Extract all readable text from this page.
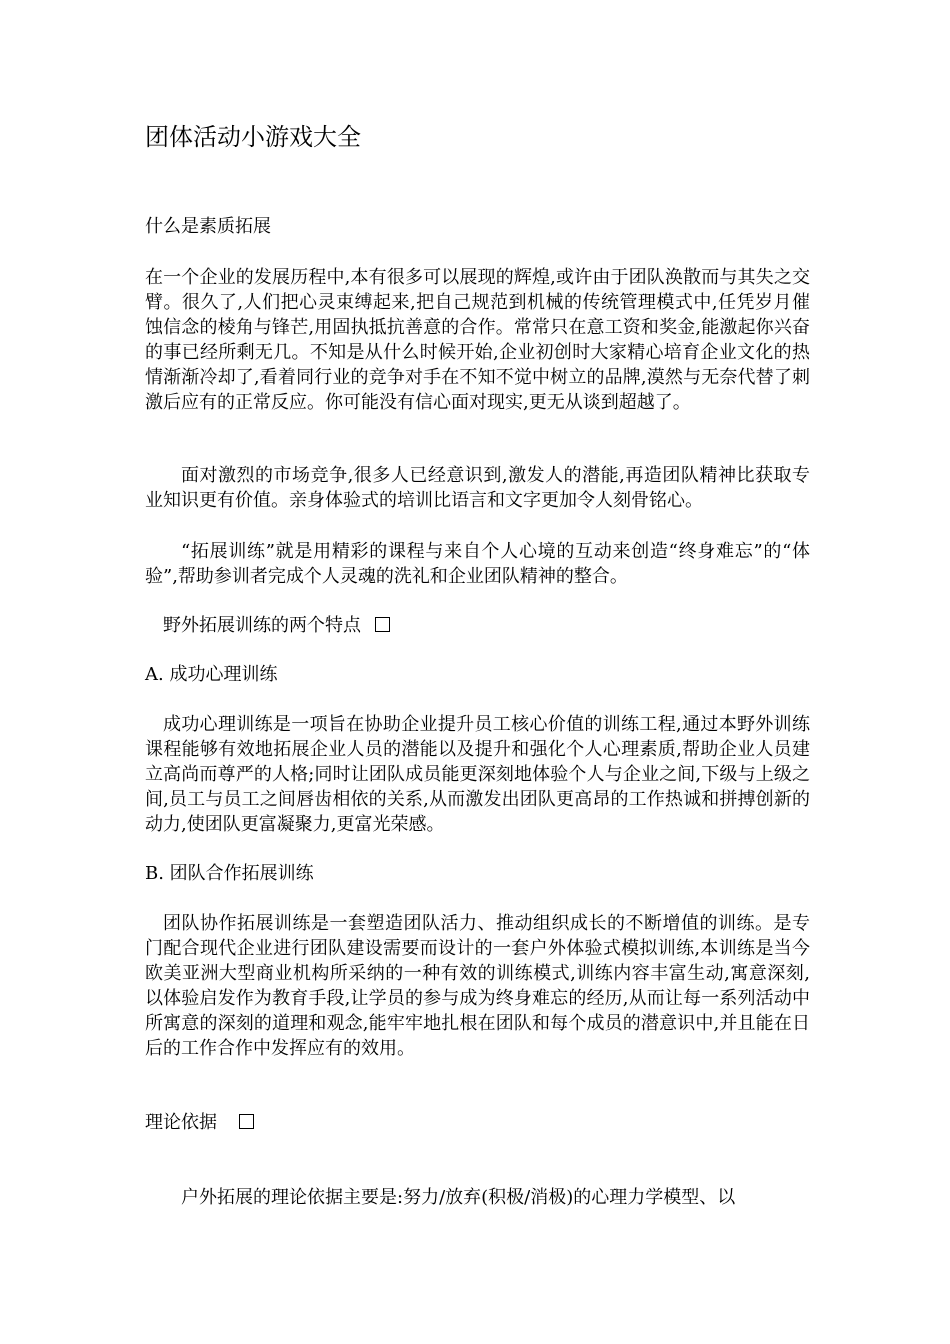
团体活动小游戏大全

什么是素质拓展

在一个企业的发展历程中,本有很多可以展现的辉煌,或许由于团队涣散而与其失之交臂。很久了,人们把心灵束缚起来,把自己规范到机械的传统管理模式中,任凭岁月催蚀信念的棱角与锋芒,用固执抵抗善意的合作。常常只在意工资和奖金,能激起你兴奋的事已经所剩无几。不知是从什么时候开始,企业初创时大家精心培育企业文化的热情渐渐冷却了,看着同行业的竞争对手在不知不觉中树立的品牌,漠然与无奈代替了刺激后应有的正常反应。你可能没有信心面对现实,更无从谈到超越了。

面对激烈的市场竞争,很多人已经意识到,激发人的潜能,再造团队精神比获取专业知识更有价值。亲身体验式的培训比语言和文字更加令人刻骨铭心。

“拓展训练”就是用精彩的课程与来自个人心境的互动来创造“终身难忘”的“体验”,帮助参训者完成个人灵魂的洗礼和企业团队精神的整合。

野外拓展训练的两个特点

A. 成功心理训练

成功心理训练是一项旨在协助企业提升员工核心价值的训练工程,通过本野外训练课程能够有效地拓展企业人员的潜能以及提升和强化个人心理素质,帮助企业人员建立高尚而尊严的人格;同时让团队成员能更深刻地体验个人与企业之间,下级与上级之间,员工与员工之间唇齿相依的关系,从而激发出团队更高昂的工作热诚和拼搏创新的动力,使团队更富凝聚力,更富光荣感。

B. 团队合作拓展训练

团队协作拓展训练是一套塑造团队活力、推动组织成长的不断增值的训练。是专门配合现代企业进行团队建设需要而设计的一套户外体验式模拟训练,本训练是当今欧美亚洲大型商业机构所采纳的一种有效的训练模式,训练内容丰富生动,寓意深刻,以体验启发作为教育手段,让学员的参与成为终身难忘的经历,从而让每一系列活动中所寓意的深刻的道理和观念,能牢牢地扎根在团队和每个成员的潜意识中,并且能在日后的工作合作中发挥应有的效用。

理论依据

户外拓展的理论依据主要是:努力/放弃(积极/消极)的心理力学模型、以
